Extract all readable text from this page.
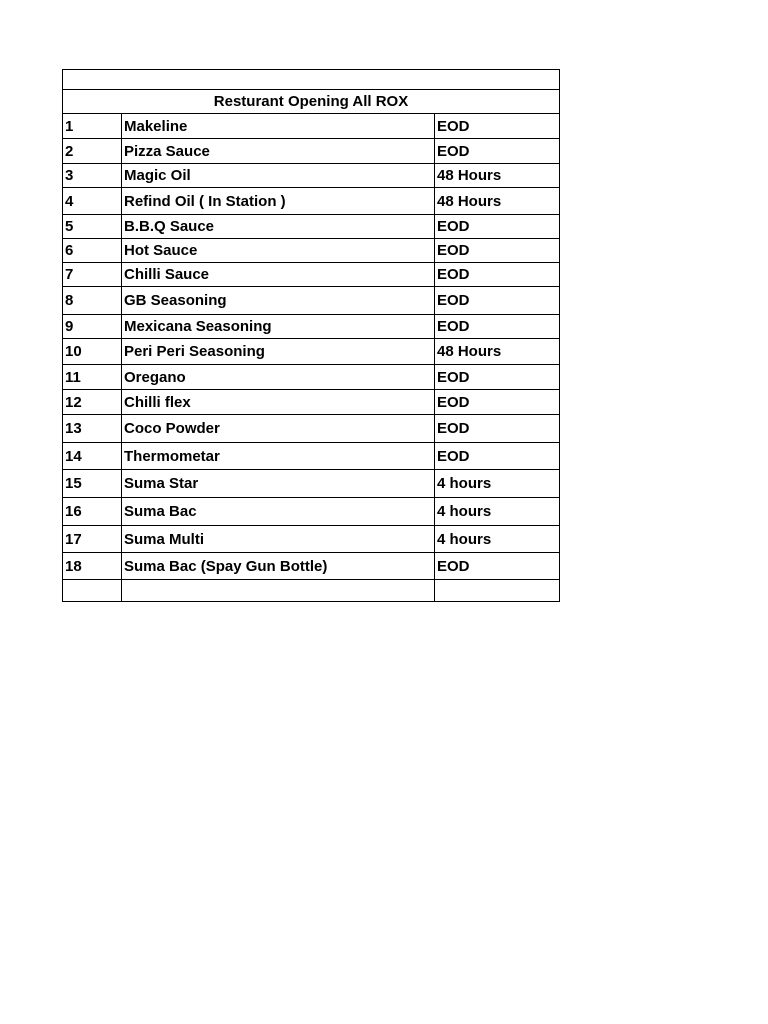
Resturant Opening All ROX		
1	Makeline	EOD
2	Pizza Sauce	EOD
3	Magic Oil	48 Hours
4	Refind Oil ( In Station )	48 Hours
5	B.B.Q Sauce	EOD
6	Hot Sauce	EOD
7	Chilli Sauce	EOD
8	GB Seasoning	EOD
9	Mexicana Seasoning	EOD
10	Peri Peri Seasoning	48 Hours
11	Oregano	EOD
12	Chilli flex	EOD
13	Coco Powder	EOD
14	Thermometar	EOD
15	Suma Star	4 hours
16	Suma Bac	4 hours
17	Suma Multi	4 hours
18	Suma Bac (Spay Gun Bottle)	EOD
